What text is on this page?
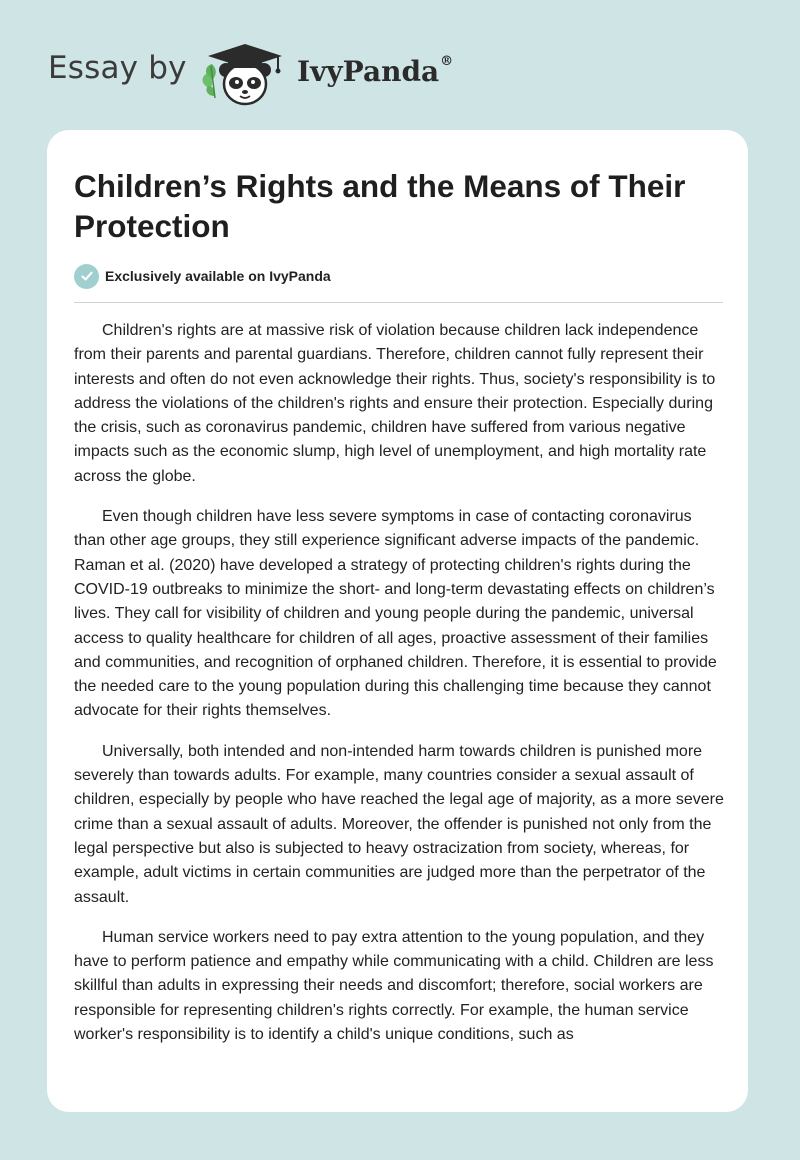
Essay by	IvyPanda®
Children’s Rights and the Means of Their Protection
Exclusively available on IvyPanda

Children's rights are at massive risk of violation because children lack independence from their parents and parental guardians. Therefore, children cannot fully represent their interests and often do not even acknowledge their rights. Thus, society's responsibility is to address the violations of the children's rights and ensure their protection. Especially during the crisis, such as coronavirus pandemic, children have suffered from various negative impacts such as the economic slump, high level of unemployment, and high mortality rate across the globe.

Even though children have less severe symptoms in case of contacting coronavirus than other age groups, they still experience significant adverse impacts of the pandemic. Raman et al. (2020) have developed a strategy of protecting children's rights during the COVID-19 outbreaks to minimize the short- and long-term devastating effects on children’s lives. They call for visibility of children and young people during the pandemic, universal access to quality healthcare for children of all ages, proactive assessment of their families and communities, and recognition of orphaned children. Therefore, it is essential to provide the needed care to the young population during this challenging time because they cannot advocate for their rights themselves.

Universally, both intended and non-intended harm towards children is punished more severely than towards adults. For example, many countries consider a sexual assault of children, especially by people who have reached the legal age of majority, as a more severe crime than a sexual assault of adults. Moreover, the offender is punished not only from the legal perspective but also is subjected to heavy ostracization from society, whereas, for example, adult victims in certain communities are judged more than the perpetrator of the assault.

Human service workers need to pay extra attention to the young population, and they have to perform patience and empathy while communicating with a child. Children are less skillful than adults in expressing their needs and discomfort; therefore, social workers are responsible for representing children's rights correctly. For example, the human service worker's responsibility is to identify a child's unique conditions, such as
